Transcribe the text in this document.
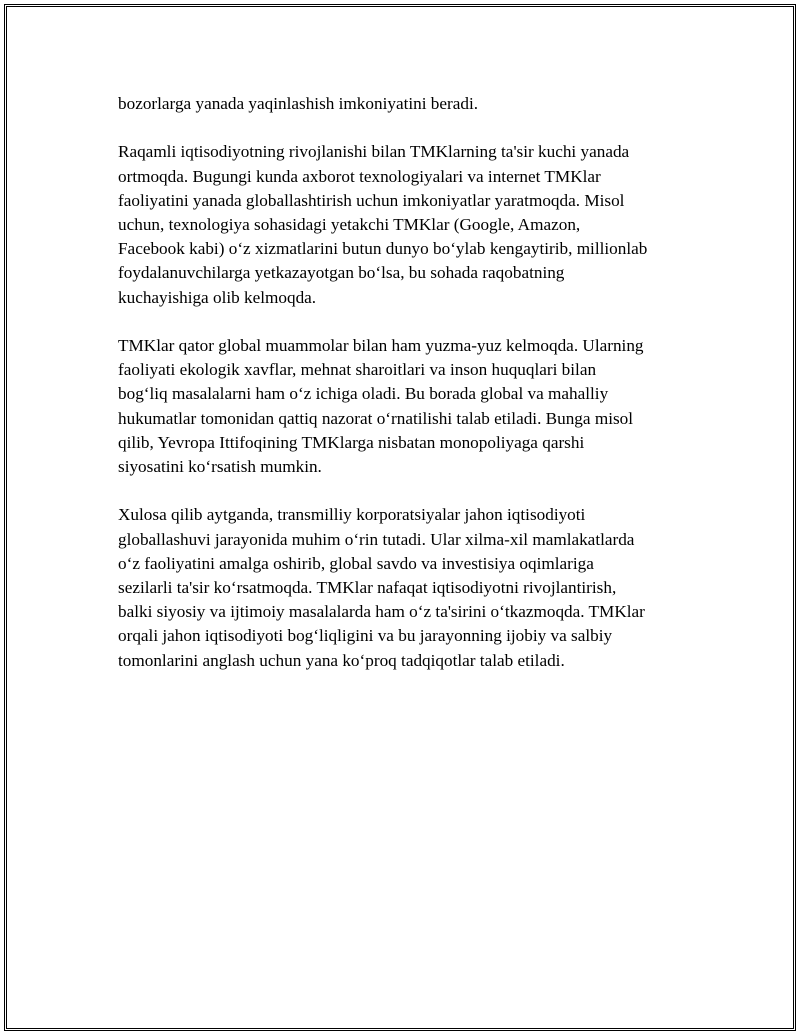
bozorlarga yanada yaqinlashish imkoniyatini beradi.

Raqamli iqtisodiyotning rivojlanishi bilan TMKlarning ta'sir kuchi yanada
ortmoqda. Bugungi kunda axborot texnologiyalari va internet TMKlar
faoliyatini yanada globallashtirish uchun imkoniyatlar yaratmoqda. Misol
uchun, texnologiya sohasidagi yetakchi TMKlar (Google, Amazon,
Facebook kabi) o‘z xizmatlarini butun dunyo bo‘ylab kengaytirib, millionlab
foydalanuvchilarga yetkazayotgan bo‘lsa, bu sohada raqobatning
kuchayishiga olib kelmoqda.

TMKlar qator global muammolar bilan ham yuzma-yuz kelmoqda. Ularning
faoliyati ekologik xavflar, mehnat sharoitlari va inson huquqlari bilan
bog‘liq masalalarni ham o‘z ichiga oladi. Bu borada global va mahalliy
hukumatlar tomonidan qattiq nazorat o‘rnatilishi talab etiladi. Bunga misol
qilib, Yevropa Ittifoqining TMKlarga nisbatan monopoliyaga qarshi
siyosatini ko‘rsatish mumkin.

Xulosa qilib aytganda, transmilliy korporatsiyalar jahon iqtisodiyoti
globallashuvi jarayonida muhim o‘rin tutadi. Ular xilma-xil mamlakatlarda
o‘z faoliyatini amalga oshirib, global savdo va investisiya oqimlariga
sezilarli ta'sir ko‘rsatmoqda. TMKlar nafaqat iqtisodiyotni rivojlantirish,
balki siyosiy va ijtimoiy masalalarda ham o‘z ta'sirini o‘tkazmoqda. TMKlar
orqali jahon iqtisodiyoti bog‘liqligini va bu jarayonning ijobiy va salbiy
tomonlarini anglash uchun yana ko‘proq tadqiqotlar talab etiladi.
